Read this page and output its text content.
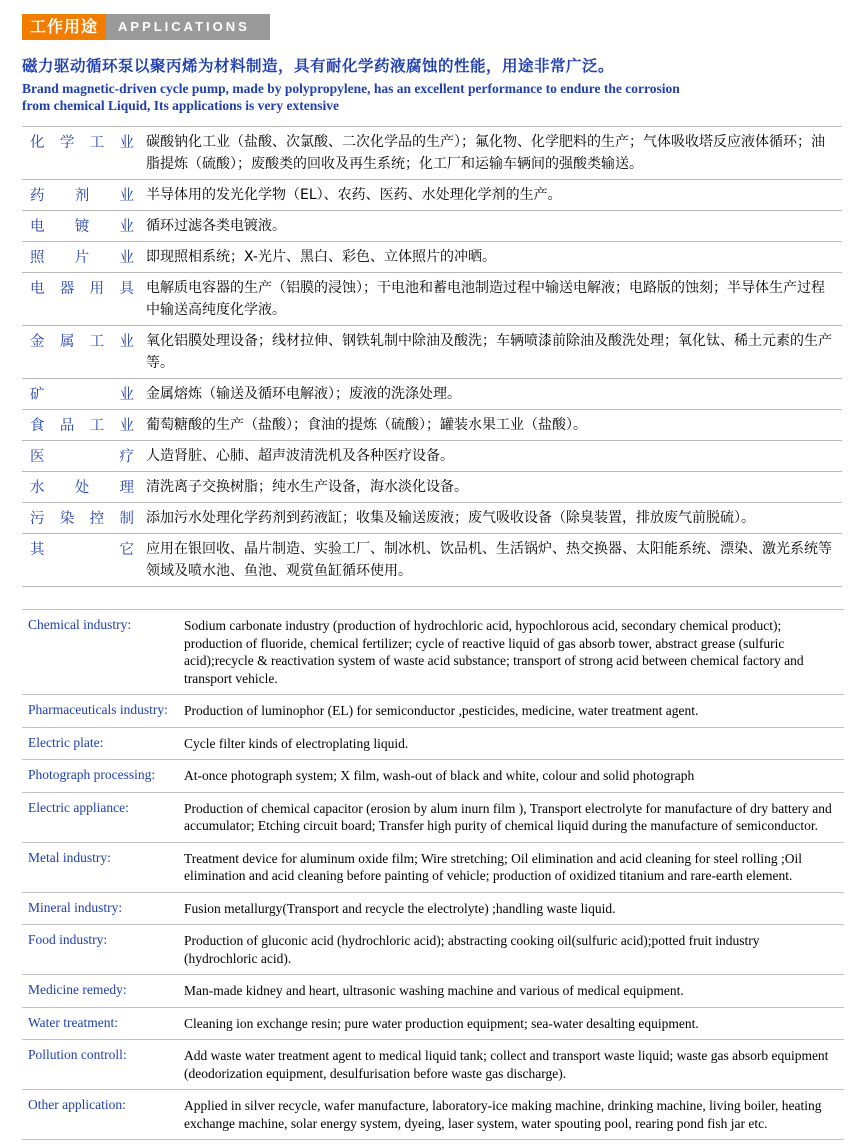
工作用途	APPLICATIONS
磁力驱动循环泵以聚丙烯为材料制造，具有耐化学药液腐蚀的性能，用途非常广泛。
Brand magnetic-driven cycle pump, made by polypropylene, has an excellent performance to endure the corrosion
from chemical Liquid, Its applications is very extensive
化学工业	碳酸钠化工业（盐酸、次氯酸、二次化学品的生产）；氟化物、化学肥料的生产；气体吸收塔反应液体循环；油脂提炼（硫酸）；废酸类的回收及再生系统；化工厂和运输车辆间的强酸类输送。
药剂业	半导体用的发光化学物（EL）、农药、医药、水处理化学剂的生产。
电镀业	循环过滤各类电镀液。
照片业	即现照相系统；X-光片、黑白、彩色、立体照片的冲晒。
电器用具	电解质电容器的生产（铝膜的浸蚀）；干电池和蓄电池制造过程中输送电解液；电路版的蚀刻；半导体生产过程中输送高纯度化学液。
金属工业	氧化铝膜处理设备；线材拉伸、钢铁轧制中除油及酸洗；车辆喷漆前除油及酸洗处理；氧化钛、稀土元素的生产等。
矿业	金属熔炼（输送及循环电解液）；废液的洗涤处理。
食品工业	葡萄糖酸的生产（盐酸）；食油的提炼（硫酸）；罐装水果工业（盐酸）。
医疗	人造肾脏、心肺、超声波清洗机及各种医疗设备。
水处理	清洗离子交换树脂；纯水生产设备，海水淡化设备。
污染控制	添加污水处理化学药剂到药液缸；收集及输送废液；废气吸收设备（除臭装置，排放废气前脱硫）。
其它	应用在银回收、晶片制造、实验工厂、制冰机、饮品机、生活锅炉、热交换器、太阳能系统、漂染、激光系统等领域及喷水池、鱼池、观赏鱼缸循环使用。
Chemical industry:	Sodium carbonate industry (production of hydrochloric acid, hypochlorous acid, secondary chemical product); production of fluoride, chemical fertilizer; cycle of reactive liquid of gas absorb tower, abstract grease (sulfuric acid);recycle & reactivation system of waste acid substance; transport of strong acid between chemical factory and transport vehicle.
Pharmaceuticals industry:	Production of luminophor (EL) for semiconductor ,pesticides, medicine, water treatment agent.
Electric plate:	Cycle filter kinds of electroplating liquid.
Photograph processing:	At-once photograph system; X film, wash-out of black and white, colour and solid photograph
Electric appliance:	Production of chemical capacitor (erosion by alum inurn film ), Transport electrolyte for manufacture of dry battery and accumulator; Etching circuit board; Transfer high purity of chemical liquid during the manufacture of semiconductor.
Metal industry:	Treatment device for aluminum oxide film; Wire stretching; Oil elimination and acid cleaning for steel rolling ;Oil elimination and acid cleaning before painting of vehicle; production of oxidized titanium and rare-earth element.
Mineral industry:	Fusion metallurgy(Transport and recycle the electrolyte) ;handling waste liquid.
Food industry:	Production of gluconic acid (hydrochloric acid); abstracting cooking oil(sulfuric acid);potted fruit industry (hydrochloric acid).
Medicine remedy:	Man-made kidney and heart, ultrasonic washing machine and various of medical equipment.
Water treatment:	Cleaning ion exchange resin; pure water production equipment; sea-water desalting equipment.
Pollution controll:	Add waste water treatment agent to medical liquid tank; collect and transport waste liquid; waste gas absorb equipment (deodorization equipment, desulfurisation before waste gas discharge).
Other application:	Applied in silver recycle, wafer manufacture, laboratory-ice making machine, drinking machine, living boiler, heating exchange machine, solar energy system, dyeing, laser system, water spouting pool, rearing pond fish jar etc.
